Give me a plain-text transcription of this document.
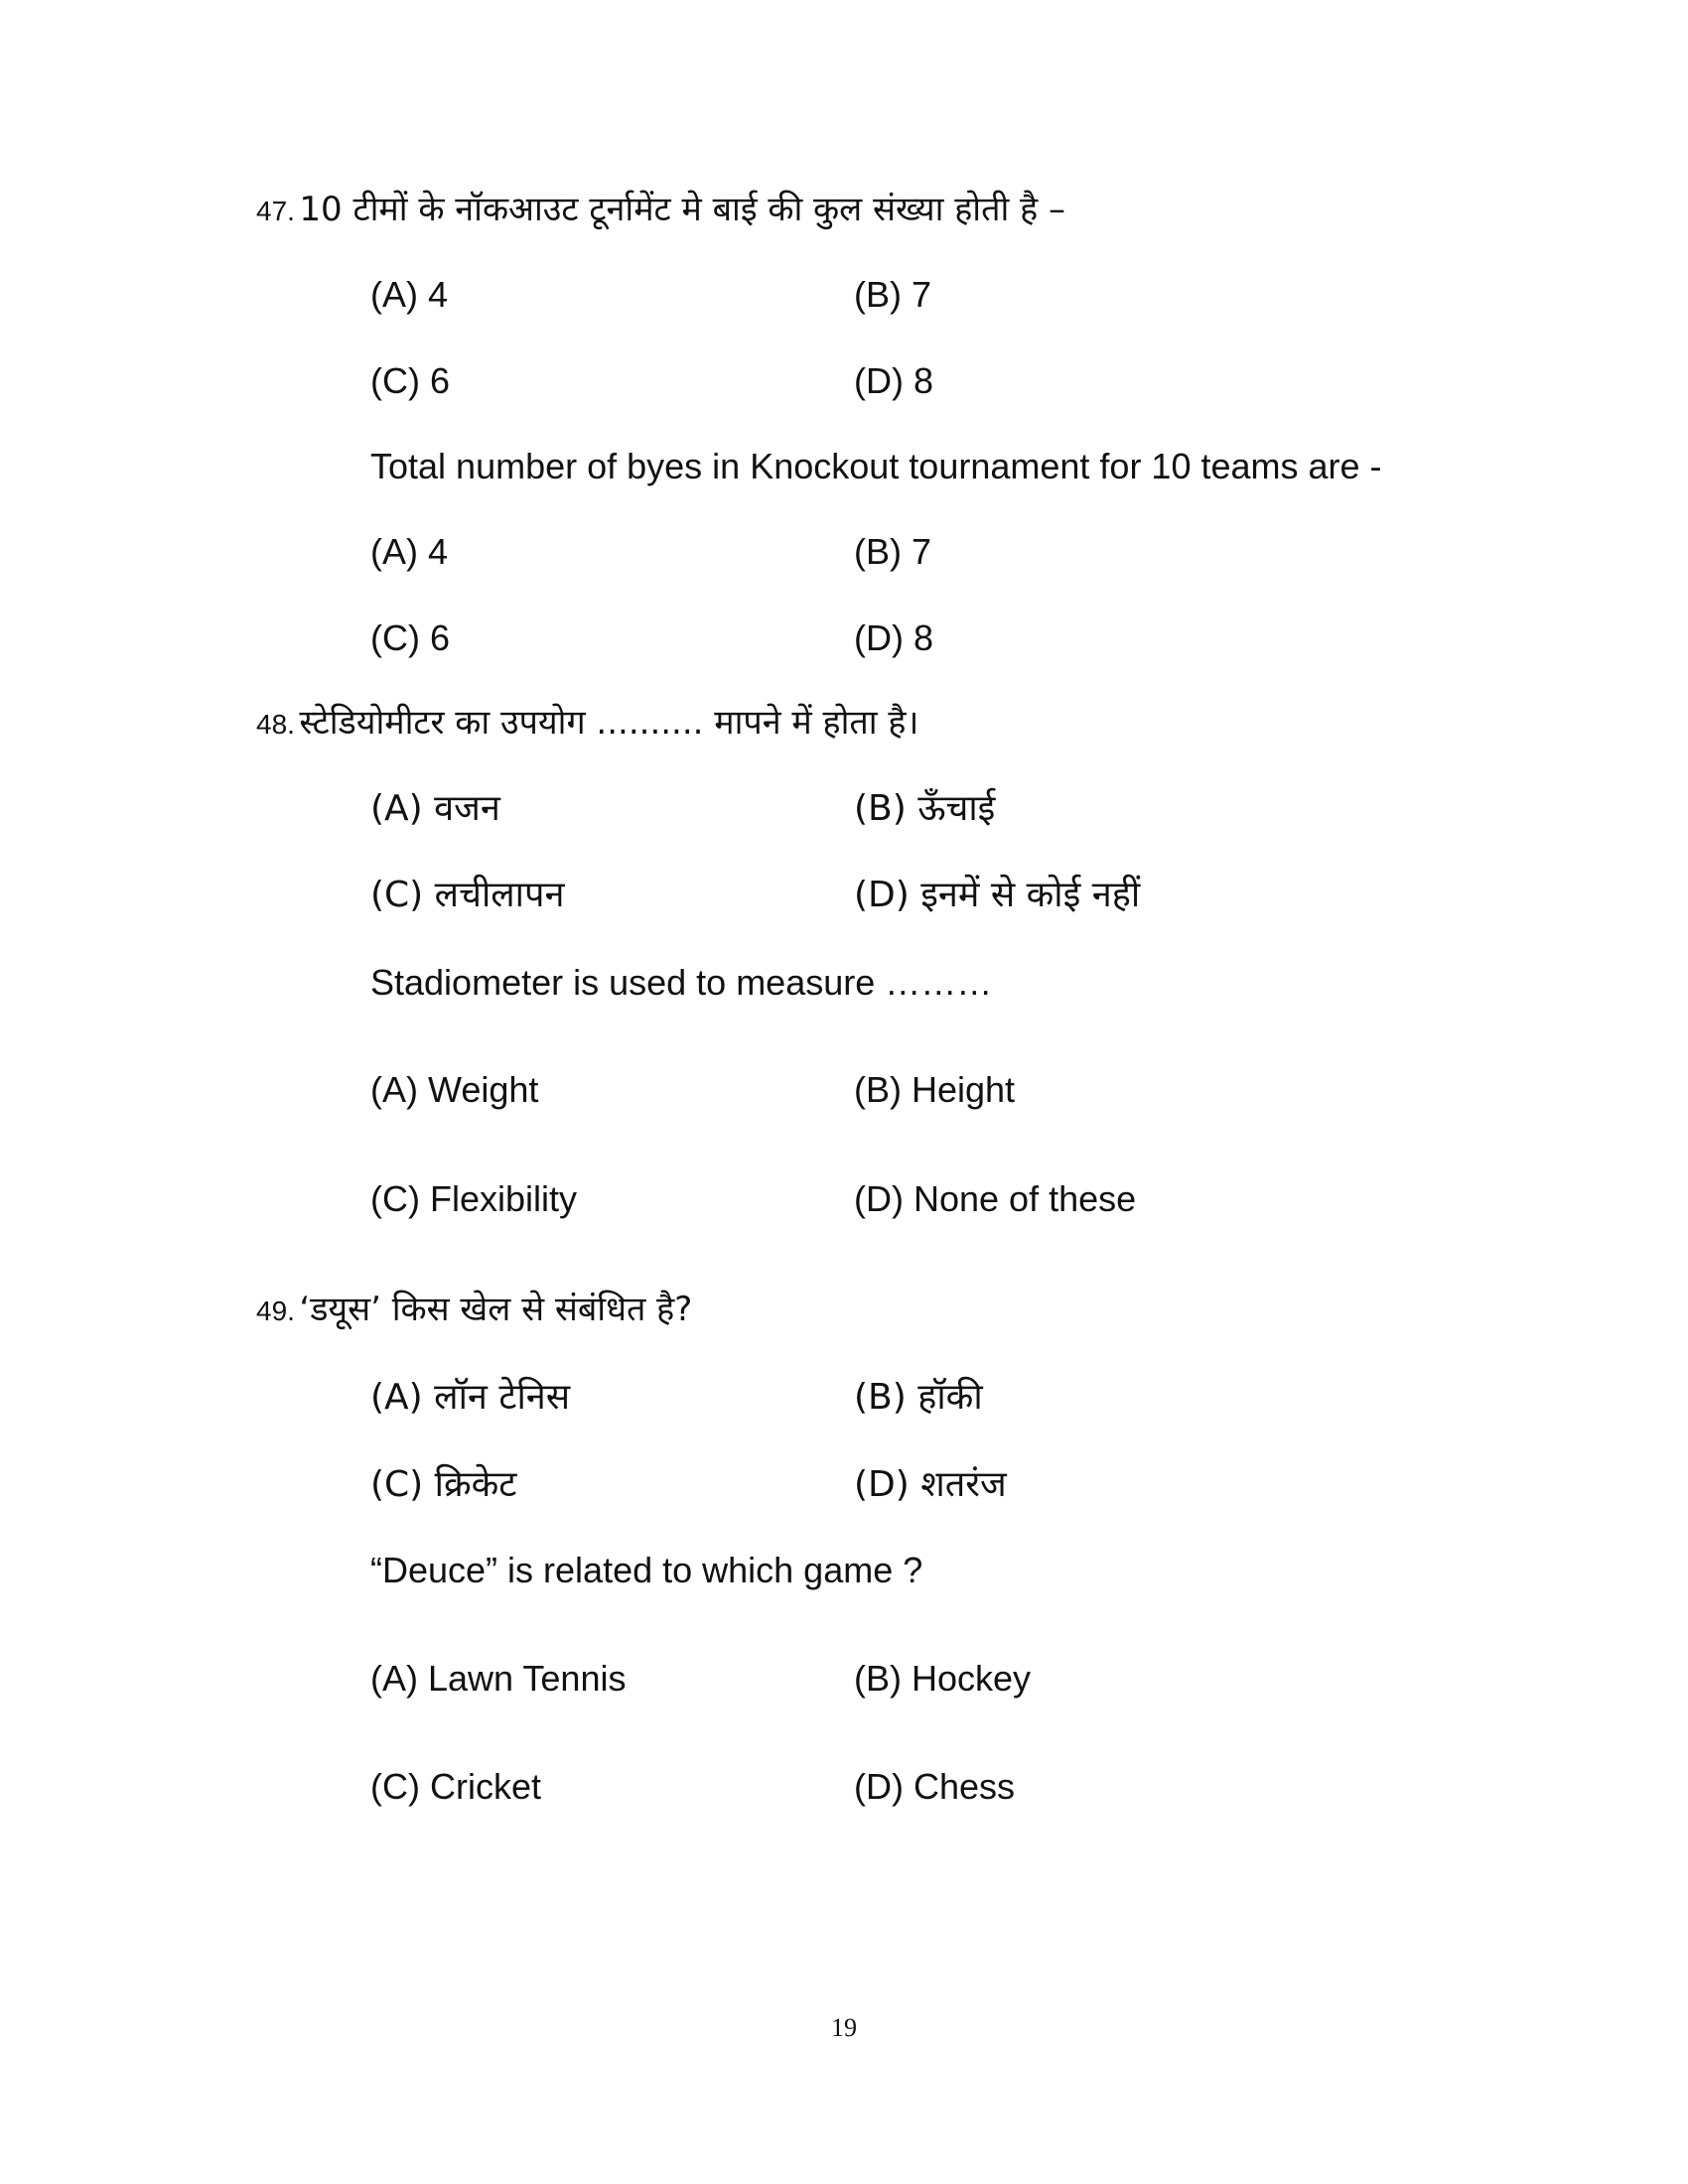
47. 10 टीमों के नॉकआउट टूर्नामेंट मे बाई की कुल संख्या होती है –
(A) 4	(B) 7
(C) 6	(D) 8
Total number of byes in Knockout tournament for 10 teams are -
(A) 4	(B) 7
(C) 6	(D) 8
48. स्टेडियोमीटर का उपयोग .......... मापने में होता है।
(A) वजन	(B) ऊँचाई
(C) लचीलापन	(D) इनमें से कोई नहीं
Stadiometer is used to measure ………
(A) Weight	(B) Height
(C) Flexibility	(D) None of these
49. ‘डयूस’ किस खेल से संबंधित है?
(A) लॉन टेनिस	(B) हॉकी
(C) क्रिकेट	(D) शतरंज
“Deuce” is related to which game ?
(A) Lawn Tennis	(B) Hockey
(C) Cricket	(D) Chess
19
